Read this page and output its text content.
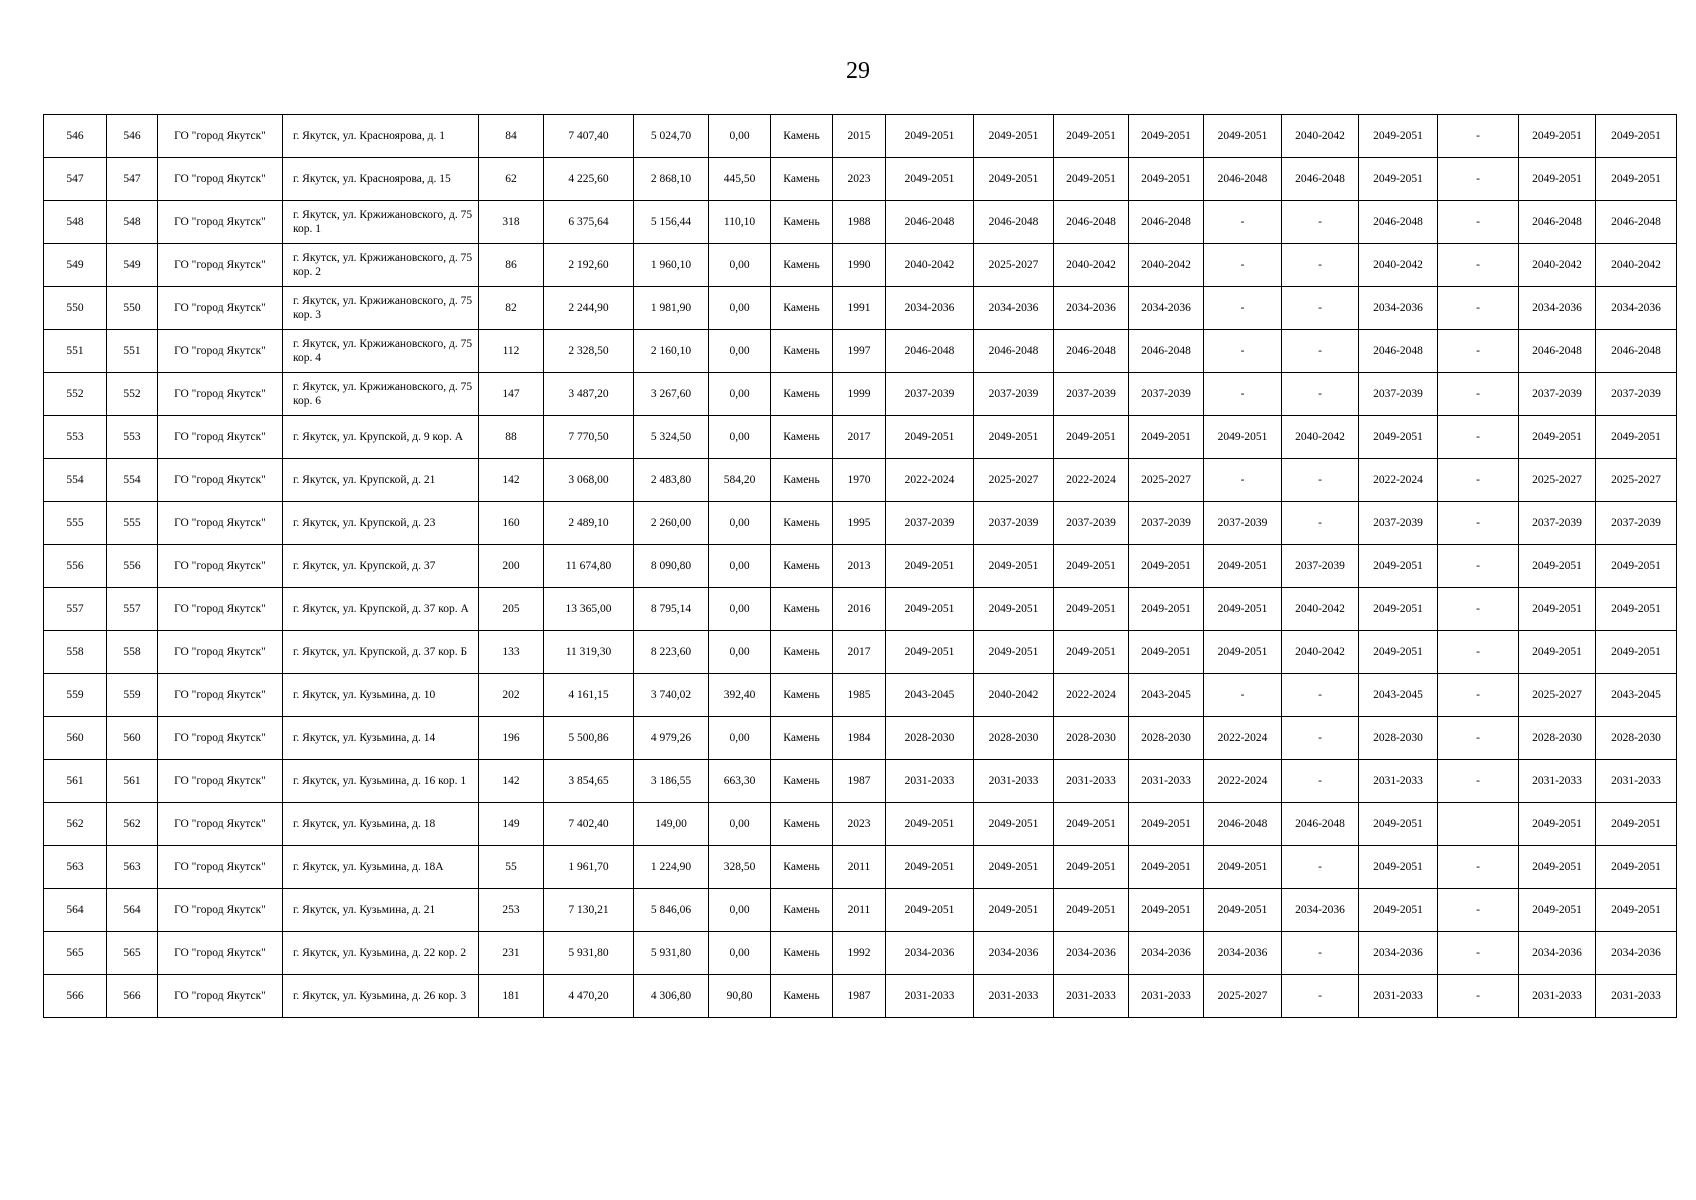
29
546	546	ГО "город Якутск"	г. Якутск, ул. Красноярова, д. 1	84	7 407,40	5 024,70	0,00	Камень	2015	2049-2051	2049-2051	2049-2051	2049-2051	2049-2051	2040-2042	2049-2051	-	2049-2051	2049-2051
547	547	ГО "город Якутск"	г. Якутск, ул. Красноярова, д. 15	62	4 225,60	2 868,10	445,50	Камень	2023	2049-2051	2049-2051	2049-2051	2049-2051	2046-2048	2046-2048	2049-2051	-	2049-2051	2049-2051
548	548	ГО "город Якутск"	г. Якутск, ул. Кржижановского, д. 75 кор. 1	318	6 375,64	5 156,44	110,10	Камень	1988	2046-2048	2046-2048	2046-2048	2046-2048	-	-	2046-2048	-	2046-2048	2046-2048
549	549	ГО "город Якутск"	г. Якутск, ул. Кржижановского, д. 75 кор. 2	86	2 192,60	1 960,10	0,00	Камень	1990	2040-2042	2025-2027	2040-2042	2040-2042	-	-	2040-2042	-	2040-2042	2040-2042
550	550	ГО "город Якутск"	г. Якутск, ул. Кржижановского, д. 75 кор. 3	82	2 244,90	1 981,90	0,00	Камень	1991	2034-2036	2034-2036	2034-2036	2034-2036	-	-	2034-2036	-	2034-2036	2034-2036
551	551	ГО "город Якутск"	г. Якутск, ул. Кржижановского, д. 75 кор. 4	112	2 328,50	2 160,10	0,00	Камень	1997	2046-2048	2046-2048	2046-2048	2046-2048	-	-	2046-2048	-	2046-2048	2046-2048
552	552	ГО "город Якутск"	г. Якутск, ул. Кржижановского, д. 75 кор. 6	147	3 487,20	3 267,60	0,00	Камень	1999	2037-2039	2037-2039	2037-2039	2037-2039	-	-	2037-2039	-	2037-2039	2037-2039
553	553	ГО "город Якутск"	г. Якутск, ул. Крупской, д. 9 кор. А	88	7 770,50	5 324,50	0,00	Камень	2017	2049-2051	2049-2051	2049-2051	2049-2051	2049-2051	2040-2042	2049-2051	-	2049-2051	2049-2051
554	554	ГО "город Якутск"	г. Якутск, ул. Крупской, д. 21	142	3 068,00	2 483,80	584,20	Камень	1970	2022-2024	2025-2027	2022-2024	2025-2027	-	-	2022-2024	-	2025-2027	2025-2027
555	555	ГО "город Якутск"	г. Якутск, ул. Крупской, д. 23	160	2 489,10	2 260,00	0,00	Камень	1995	2037-2039	2037-2039	2037-2039	2037-2039	2037-2039	-	2037-2039	-	2037-2039	2037-2039
556	556	ГО "город Якутск"	г. Якутск, ул. Крупской, д. 37	200	11 674,80	8 090,80	0,00	Камень	2013	2049-2051	2049-2051	2049-2051	2049-2051	2049-2051	2037-2039	2049-2051	-	2049-2051	2049-2051
557	557	ГО "город Якутск"	г. Якутск, ул. Крупской, д. 37 кор. А	205	13 365,00	8 795,14	0,00	Камень	2016	2049-2051	2049-2051	2049-2051	2049-2051	2049-2051	2040-2042	2049-2051	-	2049-2051	2049-2051
558	558	ГО "город Якутск"	г. Якутск, ул. Крупской, д. 37 кор. Б	133	11 319,30	8 223,60	0,00	Камень	2017	2049-2051	2049-2051	2049-2051	2049-2051	2049-2051	2040-2042	2049-2051	-	2049-2051	2049-2051
559	559	ГО "город Якутск"	г. Якутск, ул. Кузьмина, д. 10	202	4 161,15	3 740,02	392,40	Камень	1985	2043-2045	2040-2042	2022-2024	2043-2045	-	-	2043-2045	-	2025-2027	2043-2045
560	560	ГО "город Якутск"	г. Якутск, ул. Кузьмина, д. 14	196	5 500,86	4 979,26	0,00	Камень	1984	2028-2030	2028-2030	2028-2030	2028-2030	2022-2024	-	2028-2030	-	2028-2030	2028-2030
561	561	ГО "город Якутск"	г. Якутск, ул. Кузьмина, д. 16 кор. 1	142	3 854,65	3 186,55	663,30	Камень	1987	2031-2033	2031-2033	2031-2033	2031-2033	2022-2024	-	2031-2033	-	2031-2033	2031-2033
562	562	ГО "город Якутск"	г. Якутск, ул. Кузьмина, д. 18	149	7 402,40	149,00	0,00	Камень	2023	2049-2051	2049-2051	2049-2051	2049-2051	2046-2048	2046-2048	2049-2051		2049-2051	2049-2051
563	563	ГО "город Якутск"	г. Якутск, ул. Кузьмина, д. 18А	55	1 961,70	1 224,90	328,50	Камень	2011	2049-2051	2049-2051	2049-2051	2049-2051	2049-2051	-	2049-2051	-	2049-2051	2049-2051
564	564	ГО "город Якутск"	г. Якутск, ул. Кузьмина, д. 21	253	7 130,21	5 846,06	0,00	Камень	2011	2049-2051	2049-2051	2049-2051	2049-2051	2049-2051	2034-2036	2049-2051	-	2049-2051	2049-2051
565	565	ГО "город Якутск"	г. Якутск, ул. Кузьмина, д. 22 кор. 2	231	5 931,80	5 931,80	0,00	Камень	1992	2034-2036	2034-2036	2034-2036	2034-2036	2034-2036	-	2034-2036	-	2034-2036	2034-2036
566	566	ГО "город Якутск"	г. Якутск, ул. Кузьмина, д. 26 кор. 3	181	4 470,20	4 306,80	90,80	Камень	1987	2031-2033	2031-2033	2031-2033	2031-2033	2025-2027	-	2031-2033	-	2031-2033	2031-2033
